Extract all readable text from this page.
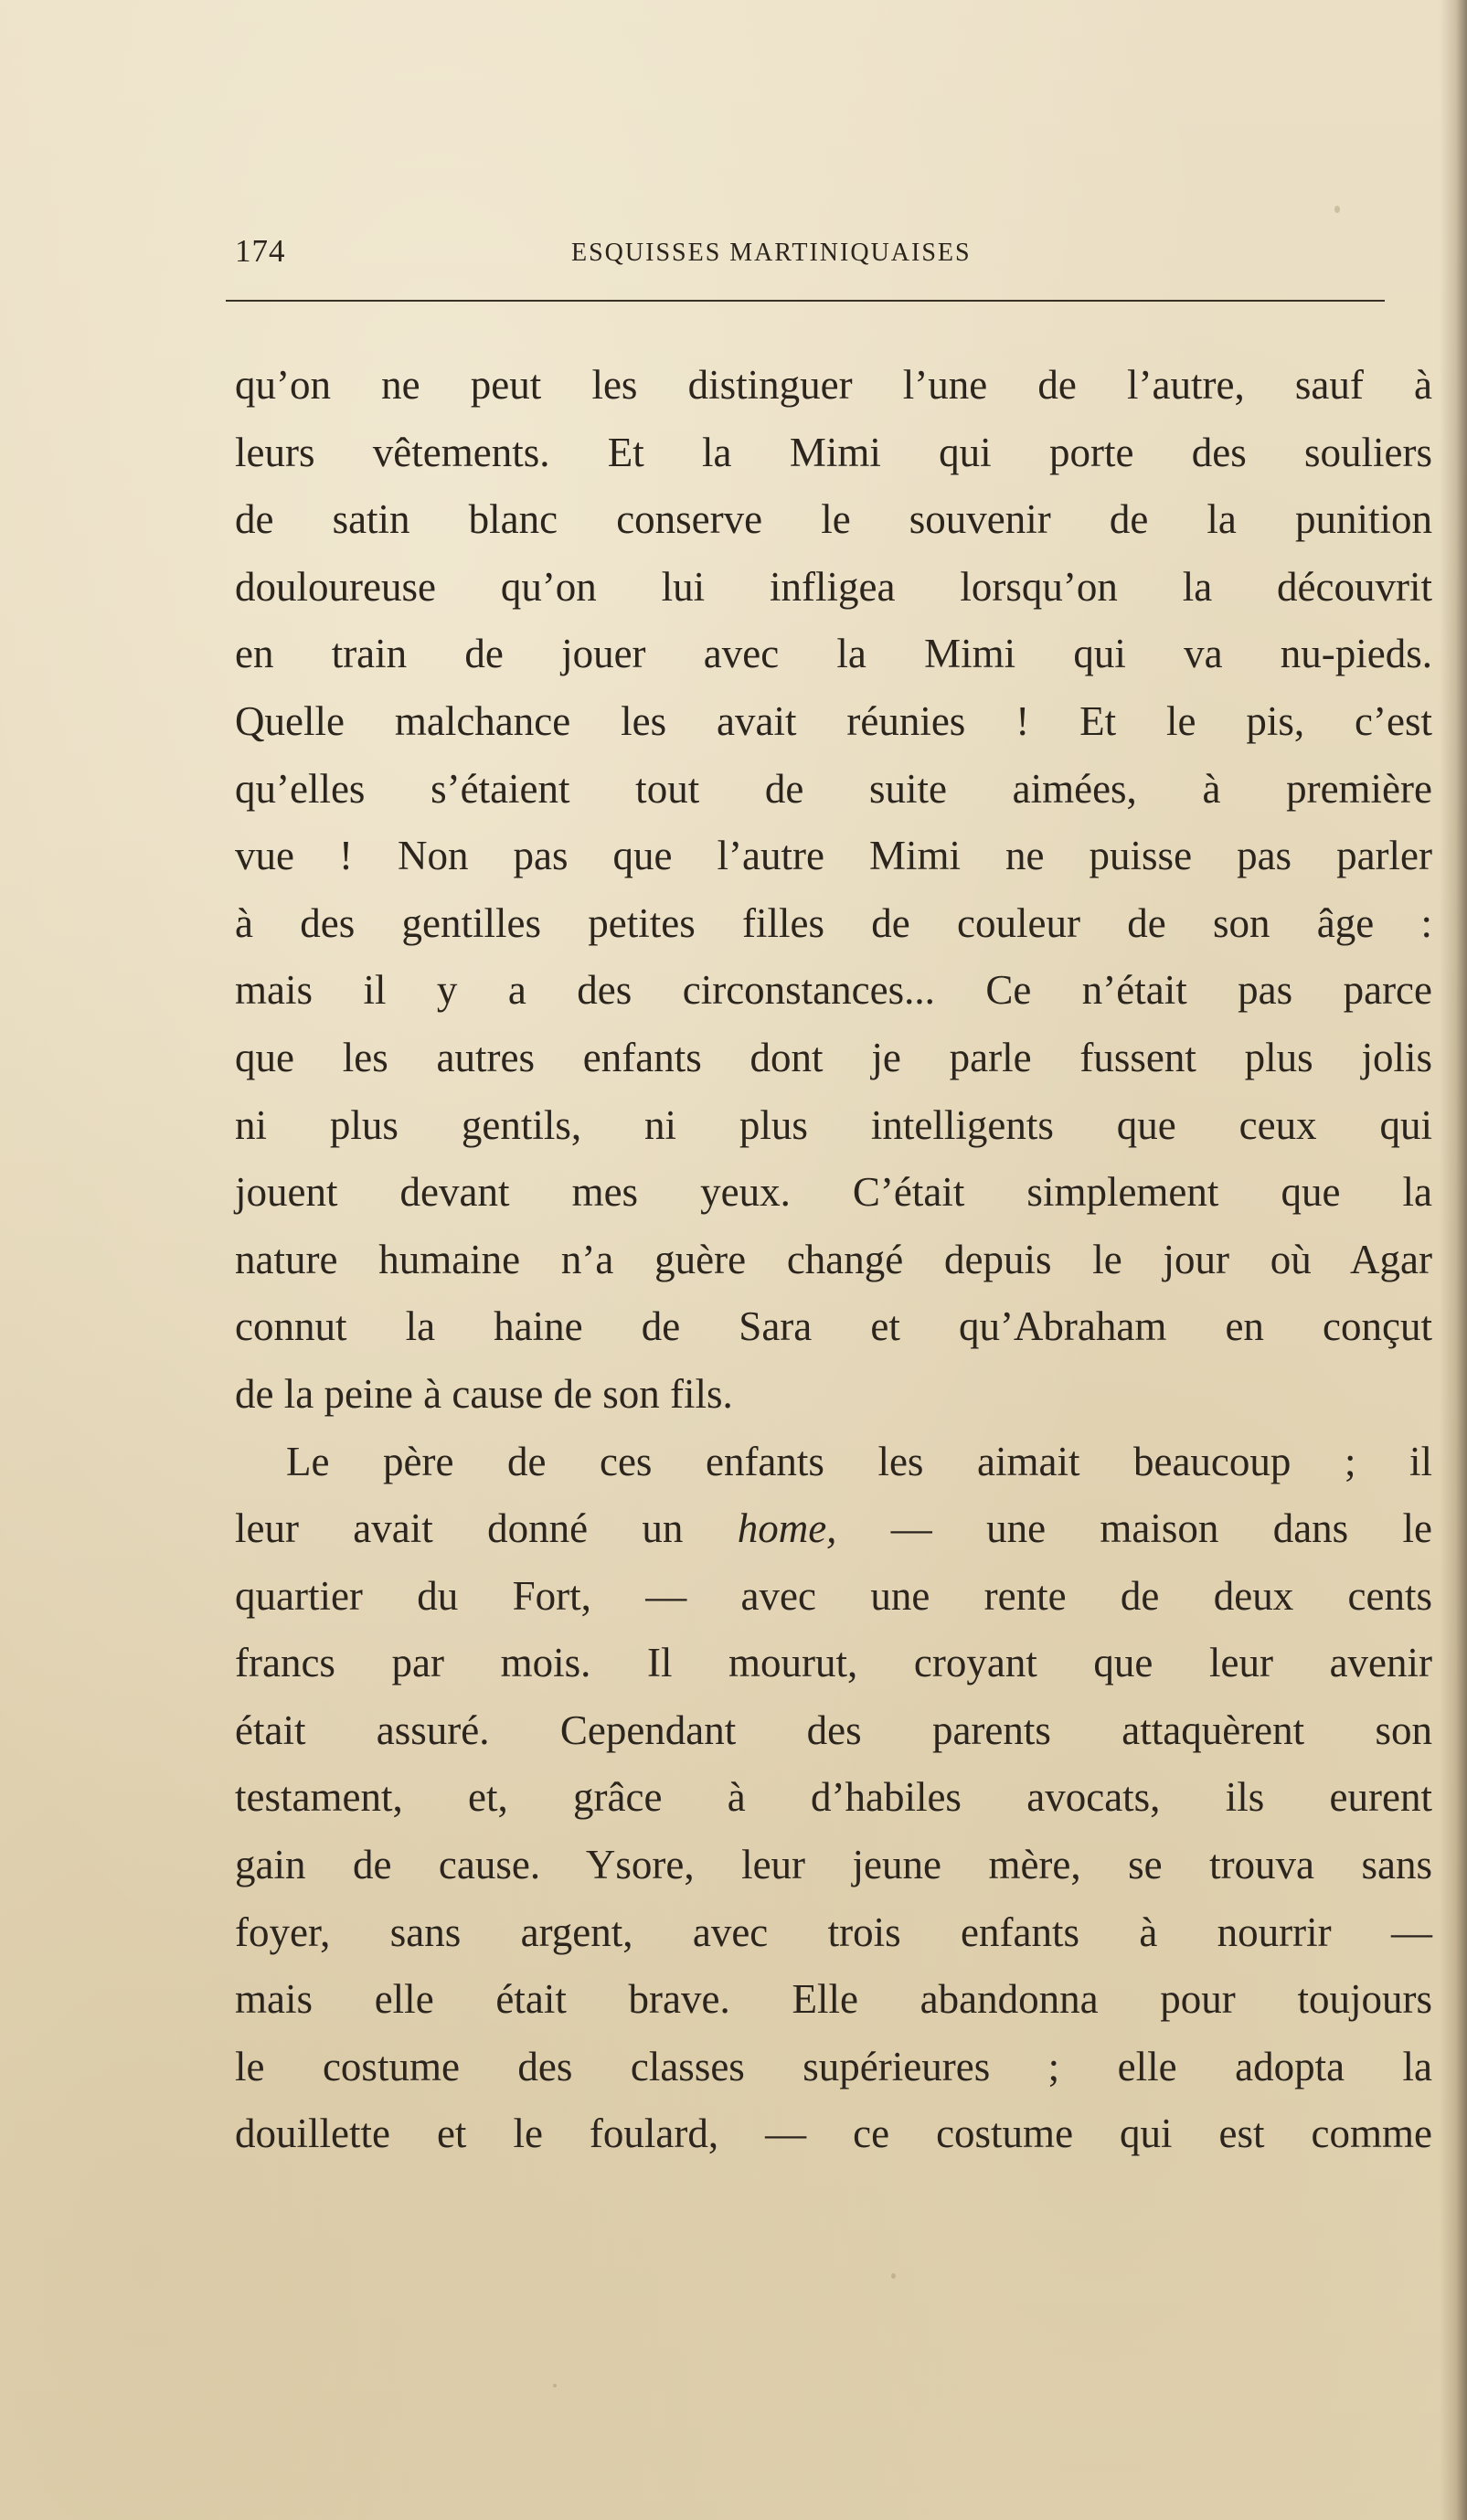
174	ESQUISSES MARTINIQUAISES
qu’on ne peut les distinguer l’une de l’autre, sauf à
leurs vêtements. Et la Mimi qui porte des souliers
de satin blanc conserve le souvenir de la punition
douloureuse qu’on lui infligea lorsqu’on la découvrit
en train de jouer avec la Mimi qui va nu-pieds.
Quelle malchance les avait réunies ! Et le pis, c’est
qu’elles s’étaient tout de suite aimées, à première
vue ! Non pas que l’autre Mimi ne puisse pas parler
à des gentilles petites filles de couleur de son âge :
mais il y a des circonstances... Ce n’était pas parce
que les autres enfants dont je parle fussent plus jolis
ni plus gentils, ni plus intelligents que ceux qui
jouent devant mes yeux. C’était simplement que la
nature humaine n’a guère changé depuis le jour où Agar
connut la haine de Sara et qu’Abraham en conçut
de la peine à cause de son fils.
Le père de ces enfants les aimait beaucoup ; il
leur avait donné un home, — une maison dans le
quartier du Fort, — avec une rente de deux cents
francs par mois. Il mourut, croyant que leur avenir
était assuré. Cependant des parents attaquèrent son
testament, et, grâce à d’habiles avocats, ils eurent
gain de cause. Ysore, leur jeune mère, se trouva sans
foyer, sans argent, avec trois enfants à nourrir —
mais elle était brave. Elle abandonna pour toujours
le costume des classes supérieures ; elle adopta la
douillette et le foulard, — ce costume qui est comme
